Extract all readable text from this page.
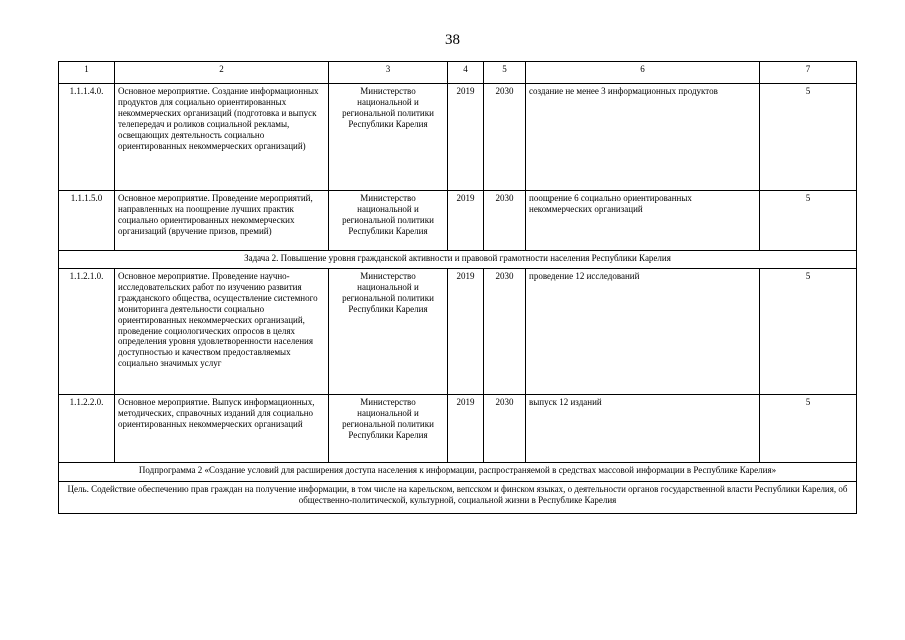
38
1	2	3	4	5	6	7
1.1.1.4.0.	Основное мероприятие. Создание информационных продуктов для социально ориентированных некоммерческих организаций (подготовка и выпуск телепередач и роликов социальной рекламы, освещающих деятельность социально ориентированных некоммерческих организаций)	Министерство национальной и региональной политики Республики Карелия	2019	2030	создание не менее 3 информационных продуктов	5
1.1.1.5.0	Основное мероприятие. Проведение мероприятий, направленных на поощрение лучших практик социально ориентированных некоммерческих организаций (вручение призов, премий)	Министерство национальной и региональной политики Республики Карелия	2019	2030	поощрение 6 социально ориентированных некоммерческих организаций	5
Задача 2. Повышение уровня гражданской активности и правовой грамотности населения Республики Карелия						
1.1.2.1.0.	Основное мероприятие. Проведение научно-исследовательских работ по изучению развития гражданского общества, осуществление системного мониторинга деятельности социально ориентированных некоммерческих организаций, проведение социологических опросов в целях определения уровня удовлетворенности населения доступностью и качеством предоставляемых социально значимых услуг	Министерство национальной и региональной политики Республики Карелия	2019	2030	проведение 12 исследований	5
1.1.2.2.0.	Основное мероприятие. Выпуск информационных, методических, справочных изданий для социально ориентированных некоммерческих организаций	Министерство национальной и региональной политики Республики Карелия	2019	2030	выпуск 12 изданий	5
Подпрограмма 2 «Создание условий для расширения доступа населения к информации, распространяемой в средствах массовой информации в Республике Карелия»						
Цель. Содействие обеспечению прав граждан на получение информации, в том числе на карельском, вепсском и финском языках, о деятельности органов государственной власти Республики Карелия, об общественно-политической, культурной, социальной жизни в Республике Карелия						
